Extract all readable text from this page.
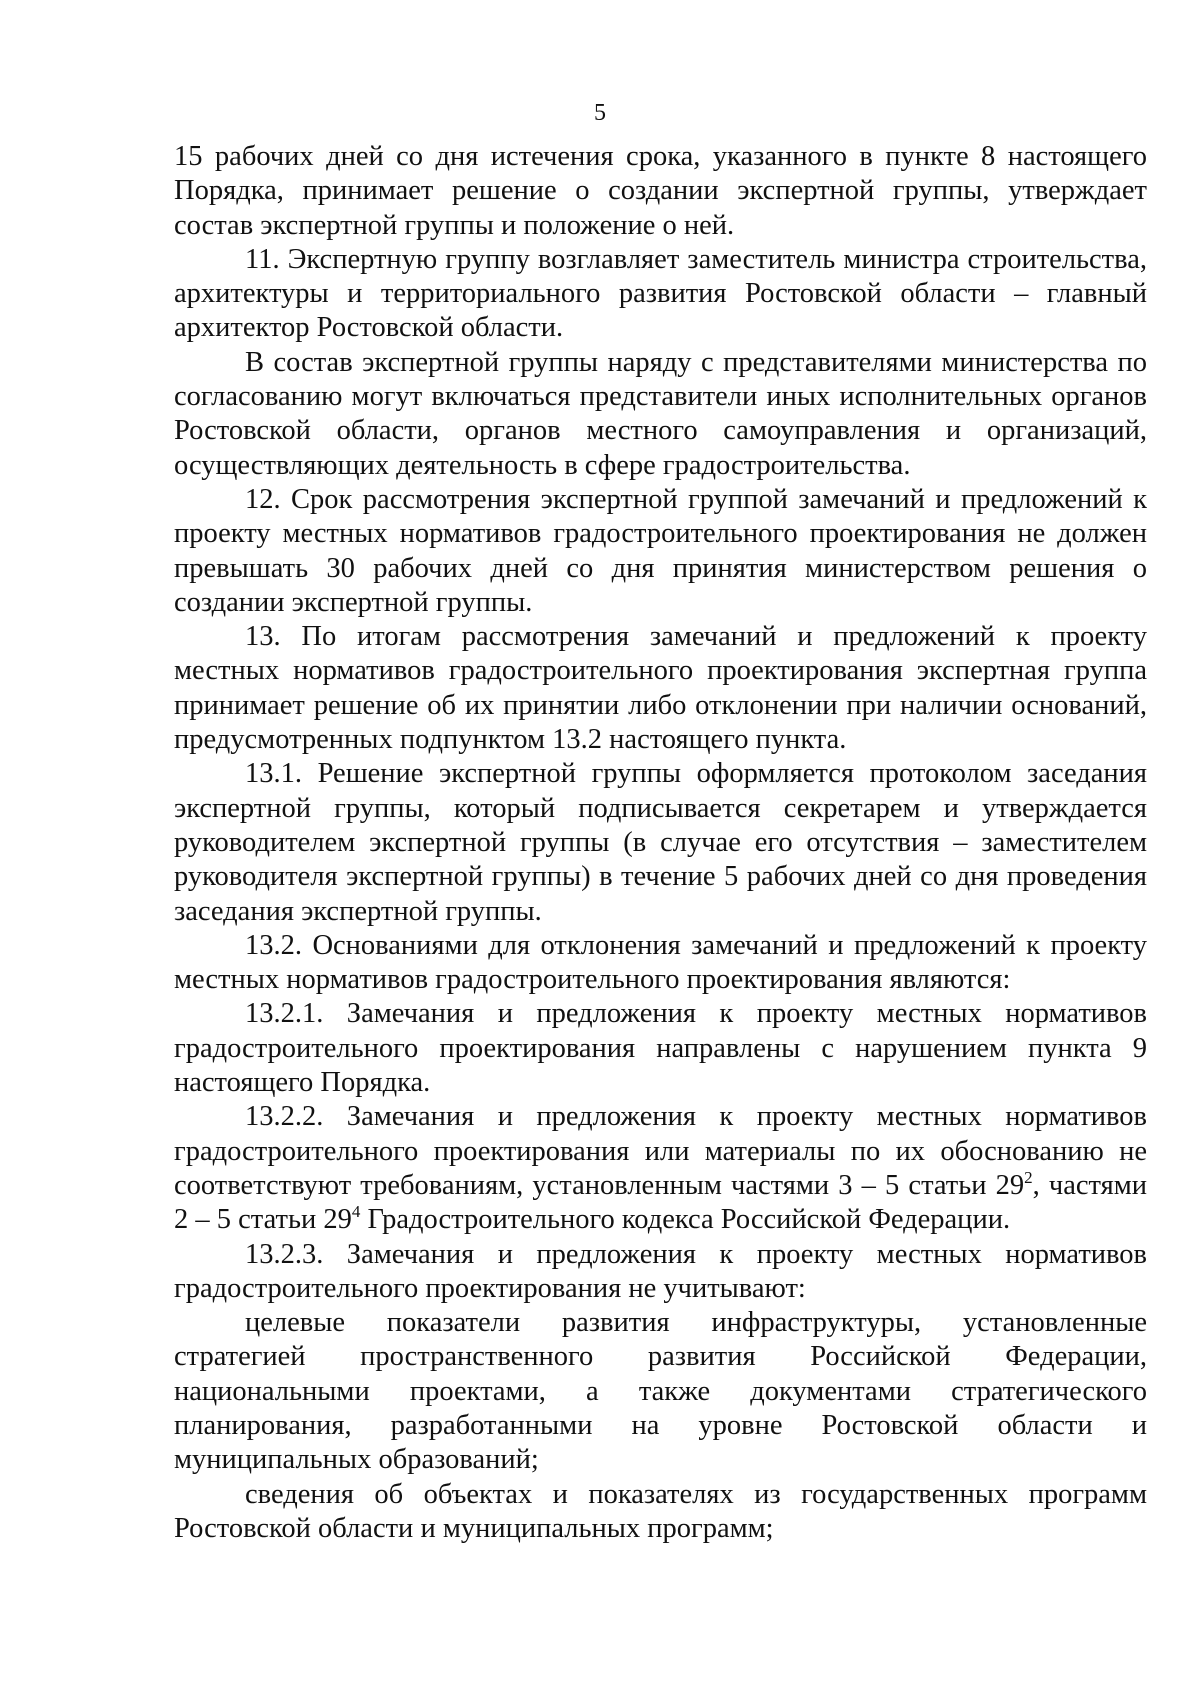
5

15 рабочих дней со дня истечения срока, указанного в пункте 8 настоящего Порядка, принимает решение о создании экспертной группы, утверждает состав экспертной группы и положение о ней.

11. Экспертную группу возглавляет заместитель министра строительства, архитектуры и территориального развития Ростовской области – главный архитектор Ростовской области.

В состав экспертной группы наряду с представителями министерства по согласованию могут включаться представители иных исполнительных органов Ростовской области, органов местного самоуправления и организаций, осуществляющих деятельность в сфере градостроительства.

12. Срок рассмотрения экспертной группой замечаний и предложений к проекту местных нормативов градостроительного проектирования не должен превышать 30 рабочих дней со дня принятия министерством решения о создании экспертной группы.

13. По итогам рассмотрения замечаний и предложений к проекту местных нормативов градостроительного проектирования экспертная группа принимает решение об их принятии либо отклонении при наличии оснований, предусмотренных подпунктом 13.2 настоящего пункта.

13.1. Решение экспертной группы оформляется протоколом заседания экспертной группы, который подписывается секретарем и утверждается руководителем экспертной группы (в случае его отсутствия – заместителем руководителя экспертной группы) в течение 5 рабочих дней со дня проведения заседания экспертной группы.

13.2. Основаниями для отклонения замечаний и предложений к проекту местных нормативов градостроительного проектирования являются:

13.2.1. Замечания и предложения к проекту местных нормативов градостроительного проектирования направлены с нарушением пункта 9 настоящего Порядка.

13.2.2. Замечания и предложения к проекту местных нормативов градостроительного проектирования или материалы по их обоснованию не соответствуют требованиям, установленным частями 3 – 5 статьи $29^2$, частями 2 – 5 статьи $29^4$ Градостроительного кодекса Российской Федерации.

13.2.3. Замечания и предложения к проекту местных нормативов градостроительного проектирования не учитывают:

целевые показатели развития инфраструктуры, установленные стратегией пространственного развития Российской Федерации, национальными проектами, а также документами стратегического планирования, разработанными на уровне Ростовской области и муниципальных образований;

сведения об объектах и показателях из государственных программ Ростовской области и муниципальных программ;
